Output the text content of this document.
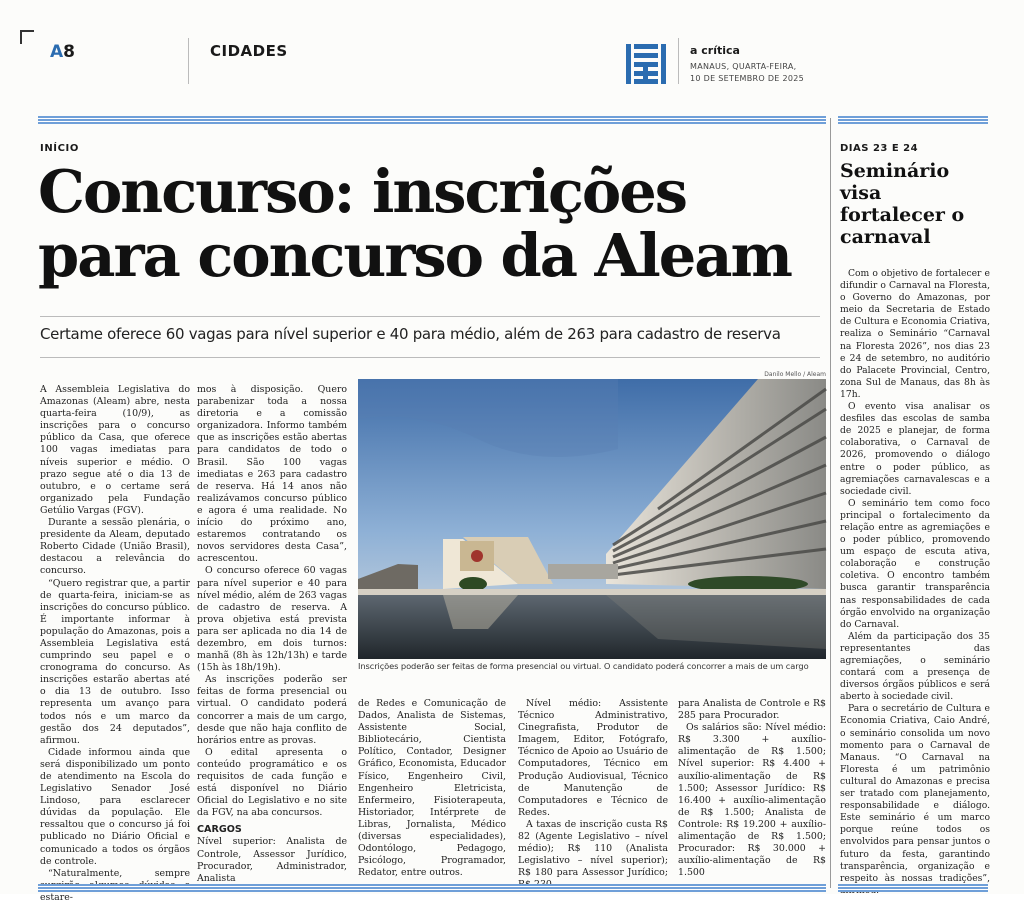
A8	CIDADES	a crítica
MANAUS, QUARTA-FEIRA,
10 DE SETEMBRO DE 2025
INÍCIO
Concurso: inscrições para concurso da Aleam
Certame oferece 60 vagas para nível superior e 40 para médio, além de 263 para cadastro de reserva

A Assembleia Legislativa do Amazonas (Aleam) abre, nesta quarta-feira (10/9), as inscrições para o concurso público da Casa, que oferece 100 vagas imediatas para níveis superior e médio. O prazo segue até o dia 13 de outubro, e o certame será organizado pela Fundação Getúlio Vargas (FGV).

Durante a sessão plenária, o presidente da Aleam, deputado Roberto Cidade (União Brasil), destacou a relevância do concurso.

“Quero registrar que, a partir de quarta-feira, iniciam-se as inscrições do concurso público. É importante informar à população do Amazonas, pois a Assembleia Legislativa está cumprindo seu papel e o cronograma do concurso. As inscrições estarão abertas até o dia 13 de outubro. Isso representa um avanço para todos nós e um marco da gestão dos 24 deputados”, afirmou.

Cidade informou ainda que será disponibilizado um ponto de atendimento na Escola do Legislativo Senador José Lindoso, para esclarecer dúvidas da população. Ele ressaltou que o concurso já foi publicado no Diário Oficial e comunicado a todos os órgãos de controle.

“Naturalmente, sempre estare-

mos à disposição. Quero parabenizar toda a nossa diretoria e a comissão organizadora. Informo também que as inscrições estão abertas para candidatos de todo o Brasil. São 100 vagas imediatas e 263 para cadastro de reserva. Há 14 anos não realizávamos concurso público e agora é uma realidade. No início do próximo ano, estaremos contratando os novos servidores desta Casa”, acrescentou.

O concurso oferece 60 vagas para nível superior e 40 para nível médio, além de 263 vagas de cadastro de reserva. A prova objetiva está prevista para ser aplicada no dia 14 de dezembro, em dois turnos: manhã (8h às 12h/13h) e tarde (15h às 18h/19h).

As inscrições poderão ser feitas de forma presencial ou virtual. O candidato poderá concorrer a mais de um cargo, desde que não haja conflito de horários entre as provas.

O edital apresenta o conteúdo programático e os requisitos de cada função e está disponível no Diário Oficial do Legislativo e no site da FGV, na aba concursos.

CARGOS

Nível superior: Analista de Controle, Assessor Jurídico, Procurador, Administrador, Analista

Danilo Mello / Aleam
Inscrições poderão ser feitas de forma presencial ou virtual. O candidato poderá concorrer a mais de um cargo

de Redes e Comunicação de Dados, Analista de Sistemas, Assistente Social, Bibliotecário, Cientista Político, Contador, Designer Gráfico, Economista, Educador Físico, Engenheiro Civil, Engenheiro Eletricista, Enfermeiro, Fisioterapeuta, Historiador, Intérprete de Libras, Jornalista, Médico (diversas especialidades), Odontólogo, Pedagogo, Psicólogo, Programador, Redator, entre outros.

Nível médio: Assistente Técnico Administrativo, Cinegrafista, Produtor de Imagem, Editor, Fotógrafo, Técnico de Apoio ao Usuário de Computadores, Técnico em Produção Audiovisual, Técnico de Manutenção de Computadores e Técnico de Redes.

A taxas de inscrição custa R$ 82 (Agente Legislativo – nível médio); R$ 110 (Analista Legislativo – nível superior); R$ 180 para Assessor Jurídico;

para Analista de Controle e R$ 285 para Procurador.

Os salários são: Nível médio: R$ 3.300 + auxílio-alimentação de R$ 1.500; Nível superior: R$ 4.400 + auxílio-alimentação de R$ 1.500; Assessor Jurídico: R$ 16.400 + auxílio-alimentação de R$ 1.500; Analista de Controle: R$ 19.200 + auxílio-alimentação de R$ 1.500; Procurador: R$ 30.000 + auxílio-alimentação de R$ 1.500

DIAS 23 E 24
Seminário visa fortalecer o carnaval

Com o objetivo de fortalecer e difundir o Carnaval na Floresta, o Governo do Amazonas, por meio da Secretaria de Estado de Cultura e Economia Criativa, realiza o Seminário “Carnaval na Floresta 2026”, nos dias 23 e 24 de setembro, no auditório do Palacete Provincial, Centro, zona Sul de Manaus, das 8h às 17h.

O evento visa analisar os desfiles das escolas de samba de 2025 e planejar, de forma colaborativa, o Carnaval de 2026, promovendo o diálogo entre o poder público, as agremiações carnavalescas e a sociedade civil.

O seminário tem como foco principal o fortalecimento da relação entre as agremiações e o poder público, promovendo um espaço de escuta ativa, colaboração e construção coletiva. O encontro também busca garantir transparência nas responsabilidades de cada órgão envolvido na organização do Carnaval.

Além da participação dos 35 representantes das agremiações, o seminário contará com a presença de diversos órgãos públicos e será aberto à sociedade civil.

Para o secretário de Cultura e Economia Criativa, Caio André, o seminário consolida um novo momento para o Carnaval de Manaus. “O Carnaval na Floresta é um patrimônio cultural do Amazonas e precisa ser tratado com planejamento, responsabilidade e diálogo. Este seminário é um marco porque reúne todos os envolvidos para pensar juntos o futuro da festa, garantindo transparência, organização e respeito às nossas tradições”,
